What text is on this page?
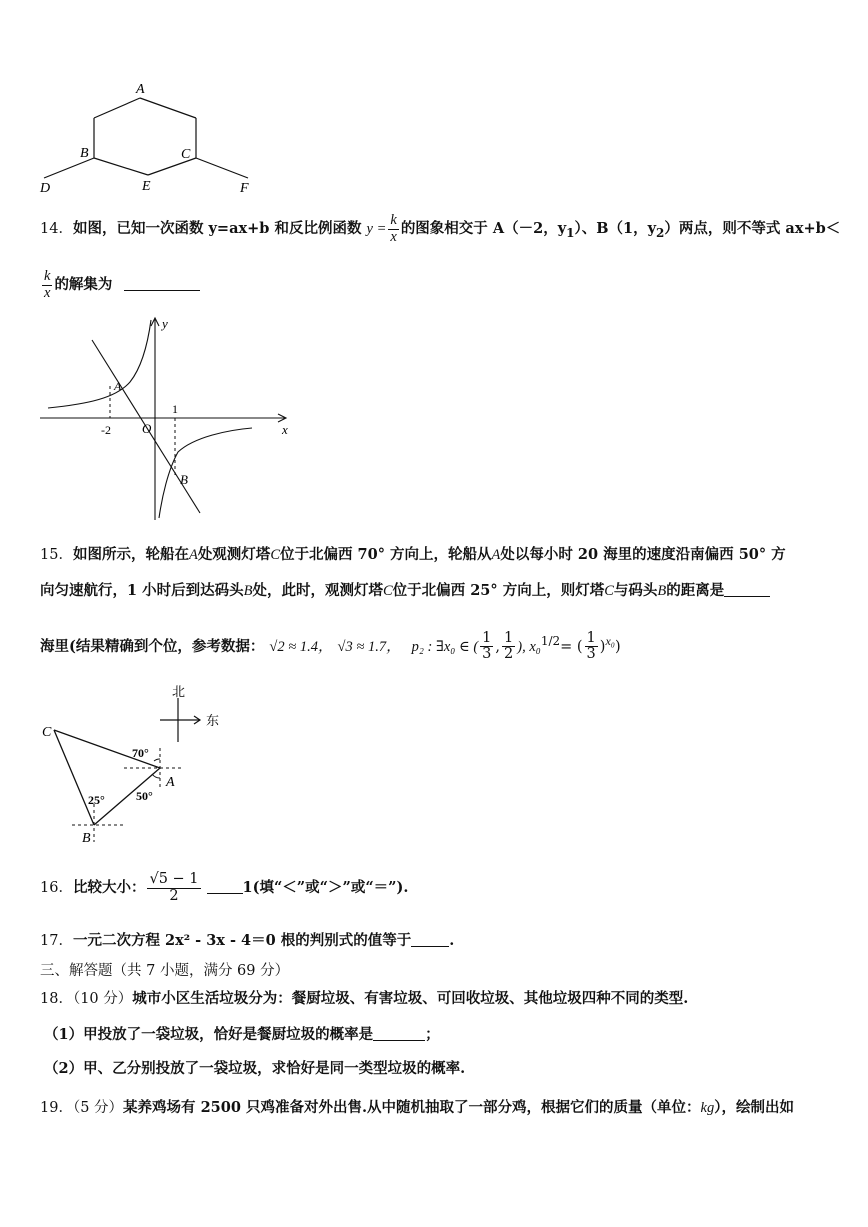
A
B	C
D	E	F
14．如图，已知一次函数 y=ax+b 和反比例函数 $y = \frac{k}{x}$ 的图象相交于 A（－2，$y_1$）、B（1，$y_2$）两点，则不等式 ax+b＜
$\frac{k}{x}$ 的解集为
y
x
O
-2
1
A
B
15．如图所示，轮船在A处观测灯塔C位于北偏西 70° 方向上，轮船从A处以每小时 20 海里的速度沿南偏西 50° 方
向匀速航行，1 小时后到达码头B处，此时，观测灯塔C位于北偏西 25° 方向上，则灯塔C与码头B的距离是
海里(结果精确到个位，参考数据： √2 ≈ 1.4， √3 ≈ 1.7， p₂ : ∃x₀ ∈ ( $\frac{1}{3}$ , $\frac{1}{2}$ ), x₀$^{1/2}$= ( $\frac{1}{3} )^{x_0}$)
北
东
C
A
B
70°
50°
25°
16．比较大小： $\frac{√5 - 1}{2}$	1(填“＜”或“＞”或“＝”).
17．一元二次方程 2x² - 3x - 4＝0 根的判别式的值等于	.
三、解答题（共 7 小题，满分 69 分）
18．（10 分）城市小区生活垃圾分为：餐厨垃圾、有害垃圾、可回收垃圾、其他垃圾四种不同的类型.
（1）甲投放了一袋垃圾，恰好是餐厨垃圾的概率是	；
（2）甲、乙分别投放了一袋垃圾，求恰好是同一类型垃圾的概率.
19．（5 分）某养鸡场有 2500 只鸡准备对外出售.从中随机抽取了一部分鸡，根据它们的质量（单位：kg），绘制出如
